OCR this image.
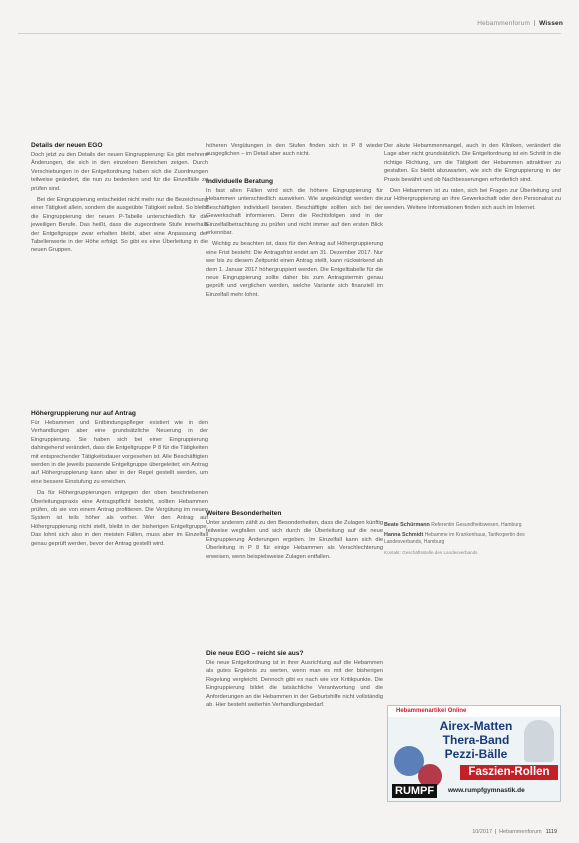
Hebammenforum Wissen
Details der neuen EGO

Doch jetzt zu den Details der neuen Eingruppierung: Es gibt mehrere Änderungen, die sich in den einzelnen Bereichen zeigen. Durch Verschiebungen in der Entgeltordnung haben sich die Zuordnungen teilweise geändert, die nun zu bedenken und für die Einzelfälle zu prüfen sind.

Bei der Eingruppierung entscheidet nicht mehr nur die Bezeichnung einer Tätigkeit allein, sondern die ausgeübte Tätigkeit selbst. So bleibt die Eingruppierung der neuen P-Tabelle unterschiedlich für die jeweiligen Berufe. Das heißt, dass die zugeordnete Stufe innerhalb der Entgeltgruppe zwar erhalten bleibt, aber eine Anpassung der Tabellenwerte in der Höhe erfolgt. So gibt es eine Überleitung in die neuen Gruppen.

Höhergruppierung nur auf Antrag

Für Hebammen und Entbindungspfleger existiert wie in den Verhandlungen aber eine grundsätzliche Neuerung in der Eingruppierung. Sie haben sich bei einer Eingruppierung dahingehend verändert, dass die Entgeltgruppe P 8 für die Tätigkeiten mit entsprechender Tätigkeitsdauer vorgesehen ist. Alle Beschäftigten werden in die jeweils passende Entgeltgruppe übergeleitet; ein Antrag auf Höhergruppierung kann aber in der Regel gestellt werden, um eine bessere Einstufung zu erreichen.

Da für Höhergruppierungen entgegen der oben beschriebenen Überleitungspraxis eine Antragspflicht besteht, sollten Hebammen prüfen, ob sie von einem Antrag profitieren. Die Vergütung im neuen System ist teils höher als vorher. Wer den Antrag auf Höhergruppierung nicht stellt, bleibt in der bisherigen Entgeltgruppe. Das lohnt sich also in den meisten Fällen, muss aber im Einzelfall genau geprüft werden, bevor der Antrag gestellt wird.

höheren Vergütungen in den Stufen finden sich in P 8 wieder ausgeglichen – im Detail aber auch nicht.

Individuelle Beratung

In fast allen Fällen wird sich die höhere Eingruppierung für Hebammen unterschiedlich auswirken. Wie angekündigt werden die Beschäftigten individuell beraten. Beschäftigte sollten sich bei der Gewerkschaft informieren. Denn die Rechtsfolgen sind in der Einzelfallbetrachtung zu prüfen und nicht immer auf den ersten Blick erkennbar.

Wichtig zu beachten ist, dass für den Antrag auf Höhergruppierung eine Frist besteht: Die Antragsfrist endet am 31. Dezember 2017. Nur wer bis zu diesem Zeitpunkt einen Antrag stellt, kann rückwirkend ab dem 1. Januar 2017 höhergruppiert werden. Die Entgelttabelle für die neue Eingruppierung sollte daher bis zum Antragstermin genau geprüft und verglichen werden, welche Variante sich finanziell im Einzelfall mehr lohnt.

Weitere Besonderheiten

Unter anderem zählt zu den Besonderheiten, dass die Zulagen künftig teilweise wegfallen und sich durch die Überleitung auf die neue Eingruppierung Änderungen ergeben. Im Einzelfall kann sich die Überleitung in P 8 für einige Hebammen als Verschlechterung erweisen, wenn beispielsweise Zulagen entfallen.

Die neue EGO – reicht sie aus?

Die neue Entgeltordnung ist in ihrer Ausrichtung auf die Hebammen als gutes Ergebnis zu werten, wenn man es mit der bisherigen Regelung vergleicht. Dennoch gibt es nach wie vor Kritikpunkte. Die Eingruppierung bildet die tatsächliche Verantwortung und die Anforderungen an die Hebammen in der Geburtshilfe nicht vollständig ab. Hier besteht weiterhin Verhandlungsbedarf.

Der akute Hebammenmangel, auch in den Kliniken, verändert die Lage aber nicht grundsätzlich. Die Entgeltordnung ist ein Schritt in die richtige Richtung, um die Tätigkeit der Hebammen attraktiver zu gestalten. Es bleibt abzuwarten, wie sich die Eingruppierung in der Praxis bewährt und ob Nachbesserungen erforderlich sind.

Den Hebammen ist zu raten, sich bei Fragen zur Überleitung und zur Höhergruppierung an ihre Gewerkschaft oder den Personalrat zu wenden. Weitere Informationen finden sich auch im Internet.

Beate Schürmann Referentin Gesundheitswesen, Hamburg
Hanna Schmidt Hebamme im Krankenhaus, Tarifexpertin des Landesverbands, Hamburg
Kontakt: Geschäftsstelle des Landesverbands
Hebammenartikel Online
Airex-Matten
Thera-Band
Pezzi-Bälle
Faszien-Rollen
RUMPF	www.rumpfgymnastik.de
10/2017 Hebammenforum 1119
